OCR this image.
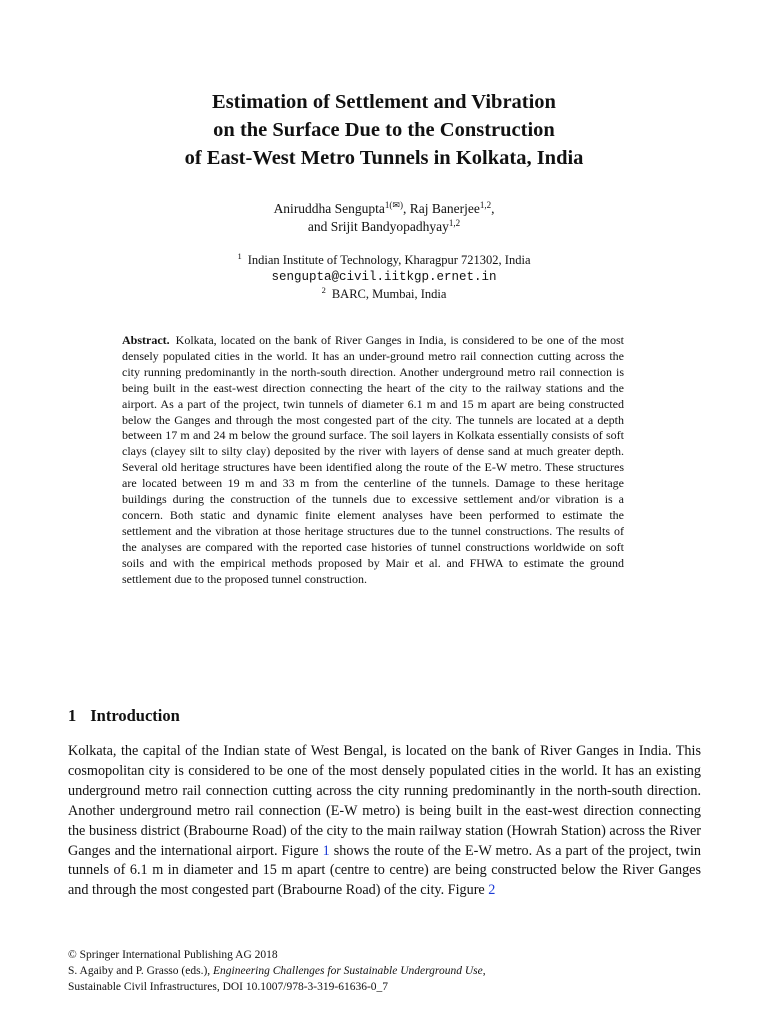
Estimation of Settlement and Vibration
on the Surface Due to the Construction
of East-West Metro Tunnels in Kolkata, India
Aniruddha Sengupta$^{1(✉)}$, Raj Banerjee$^{1,2}$,
and Srijit Bandyopadhyay$^{1,2}$
$^1$ Indian Institute of Technology, Kharagpur 721302, India
sengupta@civil.iitkgp.ernet.in
$^2$ BARC, Mumbai, India
Abstract. Kolkata, located on the bank of River Ganges in India, is considered to be one of the most densely populated cities in the world. It has an under-ground metro rail connection cutting across the city running predominantly in the north-south direction. Another underground metro rail connection is being built in the east-west direction connecting the heart of the city to the railway stations and the airport. As a part of the project, twin tunnels of diameter 6.1 m and 15 m apart are being constructed below the Ganges and through the most congested part of the city. The tunnels are located at a depth between 17 m and 24 m below the ground surface. The soil layers in Kolkata essentially consists of soft clays (clayey silt to silty clay) deposited by the river with layers of dense sand at much greater depth. Several old heritage structures have been identified along the route of the E-W metro. These structures are located between 19 m and 33 m from the centerline of the tunnels. Damage to these heritage buildings during the construction of the tunnels due to excessive settlement and/or vibration is a concern. Both static and dynamic finite element analyses have been performed to estimate the settlement and the vibration at those heritage structures due to the tunnel constructions. The results of the analyses are compared with the reported case histories of tunnel constructions worldwide on soft soils and with the empirical methods proposed by Mair et al. and FHWA to estimate the ground settlement due to the proposed tunnel construction.
1 Introduction
Kolkata, the capital of the Indian state of West Bengal, is located on the bank of River Ganges in India. This cosmopolitan city is considered to be one of the most densely populated cities in the world. It has an existing underground metro rail connection cutting across the city running predominantly in the north-south direction. Another underground metro rail connection (E-W metro) is being built in the east-west direction connecting the business district (Brabourne Road) of the city to the main railway station (Howrah Station) across the River Ganges and the international airport. Figure 1 shows the route of the E-W metro. As a part of the project, twin tunnels of 6.1 m in diameter and 15 m apart (centre to centre) are being constructed below the River Ganges and through the most congested part (Brabourne Road) of the city. Figure 2
© Springer International Publishing AG 2018
S. Agaiby and P. Grasso (eds.), Engineering Challenges for Sustainable Underground Use,
Sustainable Civil Infrastructures, DOI 10.1007/978-3-319-61636-0_7
